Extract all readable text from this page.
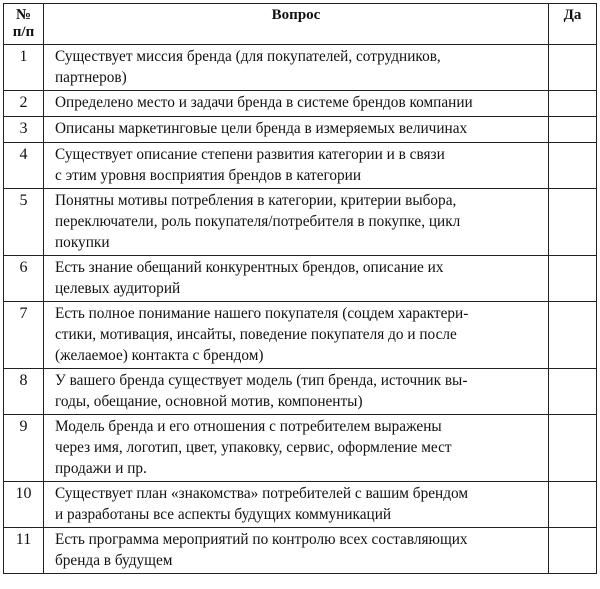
№
п/п	Вопрос	Да
1	Существует миссия бренда (для покупателей, сотрудников,
партнеров)	

2	Определено место и задачи бренда в системе брендов компании	

3	Описаны маркетинговые цели бренда в измеряемых величинах	

4	Существует описание степени развития категории и в связи
с этим уровня восприятия брендов в категории	

5	Понятны мотивы потребления в категории, критерии выбора,
переключатели, роль покупателя/потребителя в покупке, цикл
покупки	

6	Есть знание обещаний конкурентных брендов, описание их
целевых аудиторий	

7	Есть полное понимание нашего покупателя (соцдем характери-
стики, мотивация, инсайты, поведение покупателя до и после
(желаемое) контакта с брендом)	

8	У вашего бренда существует модель (тип бренда, источник вы-
годы, обещание, основной мотив, компоненты)	

9	Модель бренда и его отношения с потребителем выражены
через имя, логотип, цвет, упаковку, сервис, оформление мест
продажи и пр.	

10	Существует план «знакомства» потребителей с вашим брендом
и разработаны все аспекты будущих коммуникаций	

11	Есть программа мероприятий по контролю всех составляющих
бренда в будущем	
